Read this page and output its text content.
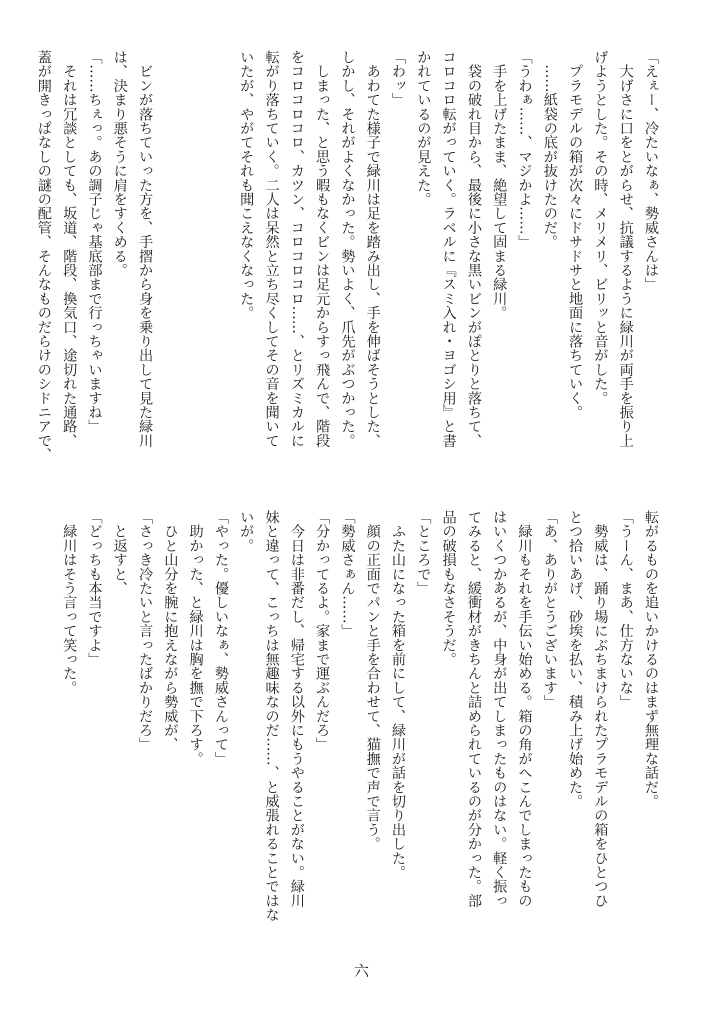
「えぇー、冷たいなぁ、勢威さんは」
　大げさに口をとがらせ、抗議するように緑川が両手を振り上
げようとした。その時、メリメリ、ビリッと音がした。
　プラモデルの箱が次々にドサドサと地面に落ちていく。
　……紙袋の底が抜けたのだ。
「うわぁ……、マジかよ……」
　手を上げたまま、絶望して固まる緑川。
　袋の破れ目から、最後に小さな黒いビンがぽとりと落ちて、
コロコロ転がっていく。ラベルに『スミ入れ・ヨゴシ用』と書
かれているのが見えた。
「わッ」
　あわてた様子で緑川は足を踏み出し、手を伸ばそうとした、
しかし、それがよくなかった。勢いよく、爪先がぶつかった。
　しまった、と思う暇もなくビンは足元からすっ飛んで、階段
をコロコロコロ、カツン、コロコロコロ……、とリズミカルに
転がり落ちていく。二人は呆然と立ち尽くしてその音を聞いて
いたが、やがてそれも聞こえなくなった。

　ビンが落ちていった方を、手摺から身を乗り出して見た緑川
は、決まり悪そうに肩をすくめる。
「……ちぇっ。あの調子じゃ基底部まで行っちゃいますね」
　それは冗談としても、坂道、階段、換気口、途切れた通路、
蓋が開きっぱなしの謎の配管、そんなものだらけのシドニアで、
転がるものを追いかけるのはまず無理な話だ。
「うーん、まあ、仕方ないな」
　勢威は、踊り場にぶちまけられたプラモデルの箱をひとつひ
とつ拾いあげ、砂埃を払い、積み上げ始めた。
「あ、ありがとうございます」
　緑川もそれを手伝い始める。箱の角がへこんでしまったもの
はいくつかあるが、中身が出てしまったものはない。軽く振っ
てみると、緩衝材がきちんと詰められているのが分かった。部
品の破損もなさそうだ。
「ところで」
　ふた山になった箱を前にして、緑川が話を切り出した。
　顔の正面でパンと手を合わせて、猫撫で声で言う。
「勢威さぁん……」
「分かってるよ。家まで運ぶんだろ」
　今日は非番だし、帰宅する以外にもうやることがない。緑川
妹と違って、こっちは無趣味なのだ……、と威張れることではな
いが。
「やった。優しいなぁ、勢威さんって」
　助かった、と緑川は胸を撫で下ろす。
　ひと山分を腕に抱えながら勢威が、
「さっき冷たいと言ったばかりだろ」
　と返すと、
「どっちも本当ですよ」
　緑川はそう言って笑った。
六
